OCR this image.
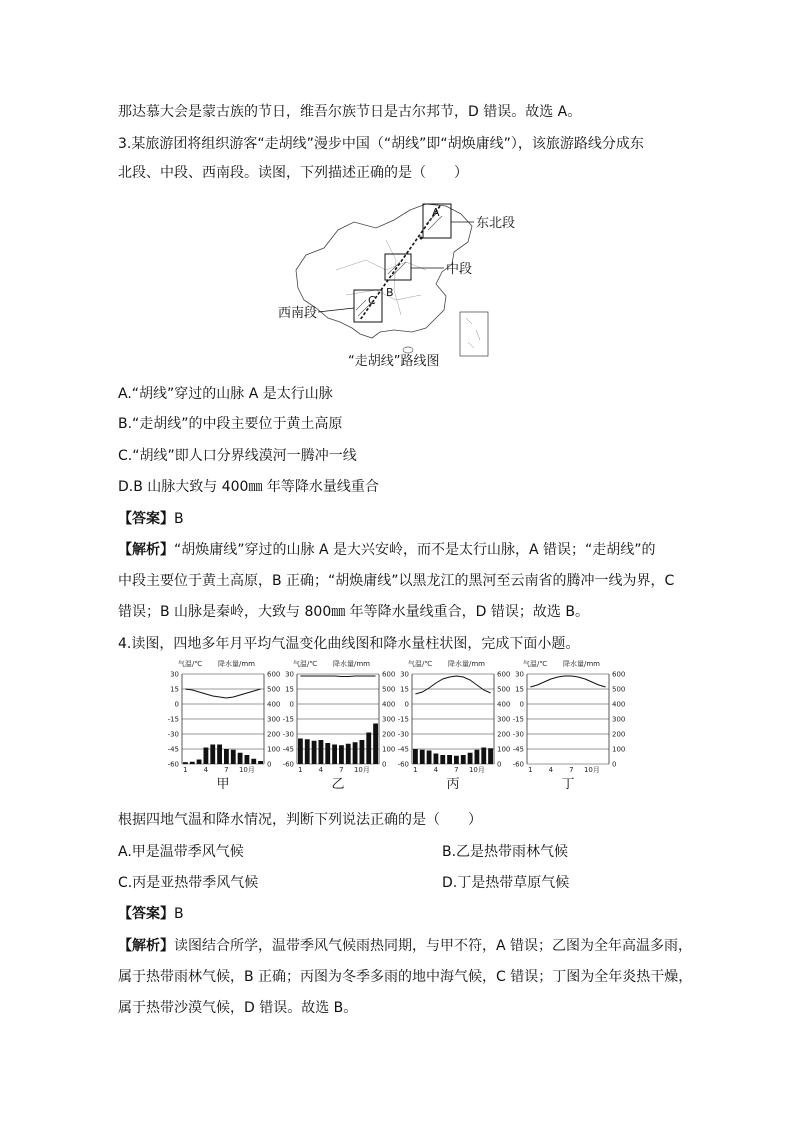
那达慕大会是蒙古族的节日，维吾尔族节日是古尔邦节，D 错误。故选 A。
3.某旅游团将组织游客“走胡线”漫步中国（“胡线”即“胡焕庸线”），该旅游路线分成东
北段、中段、西南段。读图，下列描述正确的是（　　）
东北段
中段
西南段
A
B
C
“走胡线”路线图
A.“胡线”穿过的山脉 A 是太行山脉
B.“走胡线”的中段主要位于黄土高原
C.“胡线”即人口分界线漠河一腾冲一线
D.B 山脉大致与 400㎜ 年等降水量线重合
【答案】B
【解析】“胡焕庸线”穿过的山脉 A 是大兴安岭，而不是太行山脉，A 错误；“走胡线”的
中段主要位于黄土高原，B 正确；“胡焕庸线”以黑龙江的黑河至云南省的腾冲一线为界，C
错误；B 山脉是秦岭，大致与 800㎜ 年等降水量线重合，D 错误；故选 B。
4.读图，四地多年月平均气温变化曲线图和降水量柱状图，完成下面小题。
气温/℃ 降水量/mm
30	600
15	500
0	400
-15	300
-30	200
-45	100
-60	0
1 4 7 10月
甲
气温/℃ 降水量/mm
30	600
15	500
0	400
-15	300
-30	200
-45	100
-60	0
1 4 7 10月
乙
气温/℃ 降水量/mm
30	600
15	500
0	400
-15	300
-30	200
-45	100
-60	0
1 4 7 10月
丙
气温/℃ 降水量/mm
30	600
15	500
0	400
-15	300
-30	200
-45	100
-60	0
1 4 7 10月
丁
根据四地气温和降水情况，判断下列说法正确的是（　　）
A.甲是温带季风气候	B.乙是热带雨林气候
C.丙是亚热带季风气候	D.丁是热带草原气候
【答案】B
【解析】读图结合所学，温带季风气候雨热同期，与甲不符，A 错误；乙图为全年高温多雨，
属于热带雨林气候，B 正确；丙图为冬季多雨的地中海气候，C 错误；丁图为全年炎热干燥，
属于热带沙漠气候，D 错误。故选 B。
